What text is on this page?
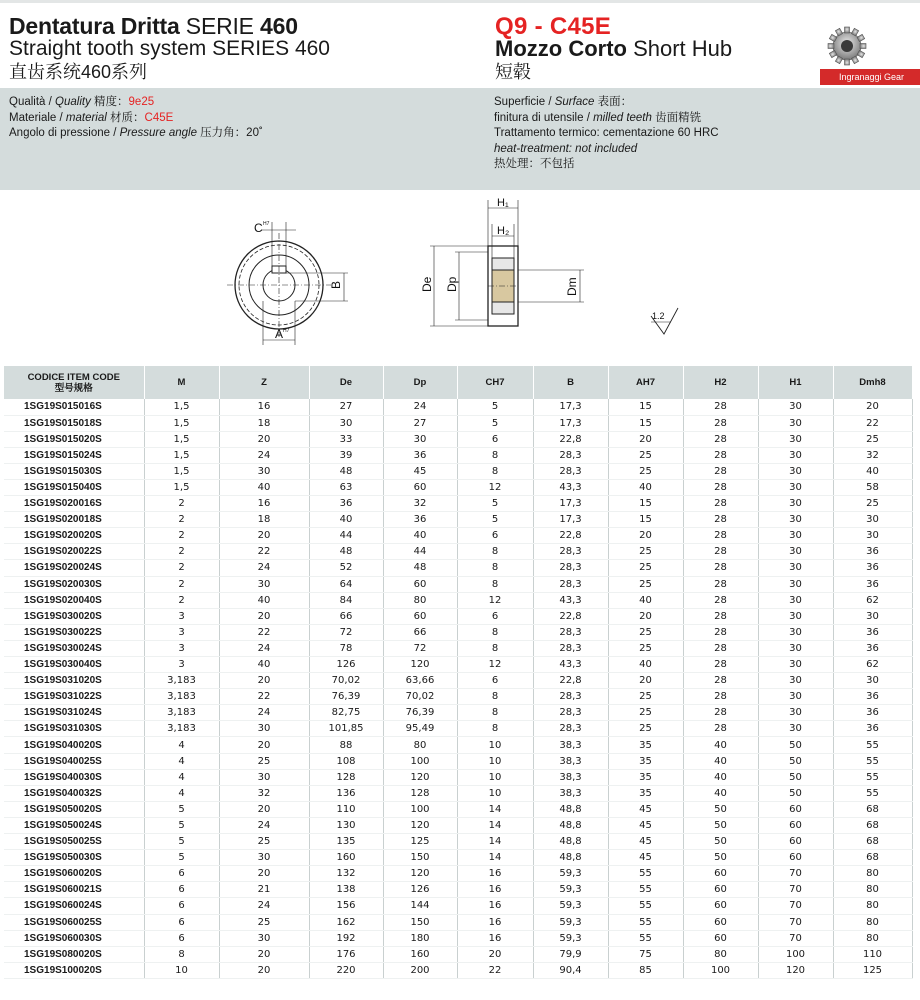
Dentatura Dritta SERIE 460
Straight tooth system SERIES 460
直齿系统460系列
Q9 - C45E
Mozzo Corto Short Hub
短毂	Ingranaggi Gear
Qualità / Quality 精度：9e25
Materiale / material 材质：C45E
Angolo di pressione / Pressure angle 压力角：20˚
Superficie / Surface 表面：
finitura di utensile / milled teeth 齿面精铣
Trattamento termico: cementazione 60 HRC
heat-treatment: not included
热处理：不包括
C H7
B
A H7
H₁
H₂
De Dp	Dm
1.2
CODICE ITEM CODE
型号规格	M	Z	De	Dp	CH7	B	AH7	H2	H1	Dmh8
1SG19S015016S	1,5	16	27	24	5	17,3	15	28	30	20
1SG19S015018S	1,5	18	30	27	5	17,3	15	28	30	22
1SG19S015020S	1,5	20	33	30	6	22,8	20	28	30	25
1SG19S015024S	1,5	24	39	36	8	28,3	25	28	30	32
1SG19S015030S	1,5	30	48	45	8	28,3	25	28	30	40
1SG19S015040S	1,5	40	63	60	12	43,3	40	28	30	58
1SG19S020016S	2	16	36	32	5	17,3	15	28	30	25
1SG19S020018S	2	18	40	36	5	17,3	15	28	30	30
1SG19S020020S	2	20	44	40	6	22,8	20	28	30	30
1SG19S020022S	2	22	48	44	8	28,3	25	28	30	36
1SG19S020024S	2	24	52	48	8	28,3	25	28	30	36
1SG19S020030S	2	30	64	60	8	28,3	25	28	30	36
1SG19S020040S	2	40	84	80	12	43,3	40	28	30	62
1SG19S030020S	3	20	66	60	6	22,8	20	28	30	30
1SG19S030022S	3	22	72	66	8	28,3	25	28	30	36
1SG19S030024S	3	24	78	72	8	28,3	25	28	30	36
1SG19S030040S	3	40	126	120	12	43,3	40	28	30	62
1SG19S031020S	3,183	20	70,02	63,66	6	22,8	20	28	30	30
1SG19S031022S	3,183	22	76,39	70,02	8	28,3	25	28	30	36
1SG19S031024S	3,183	24	82,75	76,39	8	28,3	25	28	30	36
1SG19S031030S	3,183	30	101,85	95,49	8	28,3	25	28	30	36
1SG19S040020S	4	20	88	80	10	38,3	35	40	50	55
1SG19S040025S	4	25	108	100	10	38,3	35	40	50	55
1SG19S040030S	4	30	128	120	10	38,3	35	40	50	55
1SG19S040032S	4	32	136	128	10	38,3	35	40	50	55
1SG19S050020S	5	20	110	100	14	48,8	45	50	60	68
1SG19S050024S	5	24	130	120	14	48,8	45	50	60	68
1SG19S050025S	5	25	135	125	14	48,8	45	50	60	68
1SG19S050030S	5	30	160	150	14	48,8	45	50	60	68
1SG19S060020S	6	20	132	120	16	59,3	55	60	70	80
1SG19S060021S	6	21	138	126	16	59,3	55	60	70	80
1SG19S060024S	6	24	156	144	16	59,3	55	60	70	80
1SG19S060025S	6	25	162	150	16	59,3	55	60	70	80
1SG19S060030S	6	30	192	180	16	59,3	55	60	70	80
1SG19S080020S	8	20	176	160	20	79,9	75	80	100	110
1SG19S100020S	10	20	220	200	22	90,4	85	100	120	125
